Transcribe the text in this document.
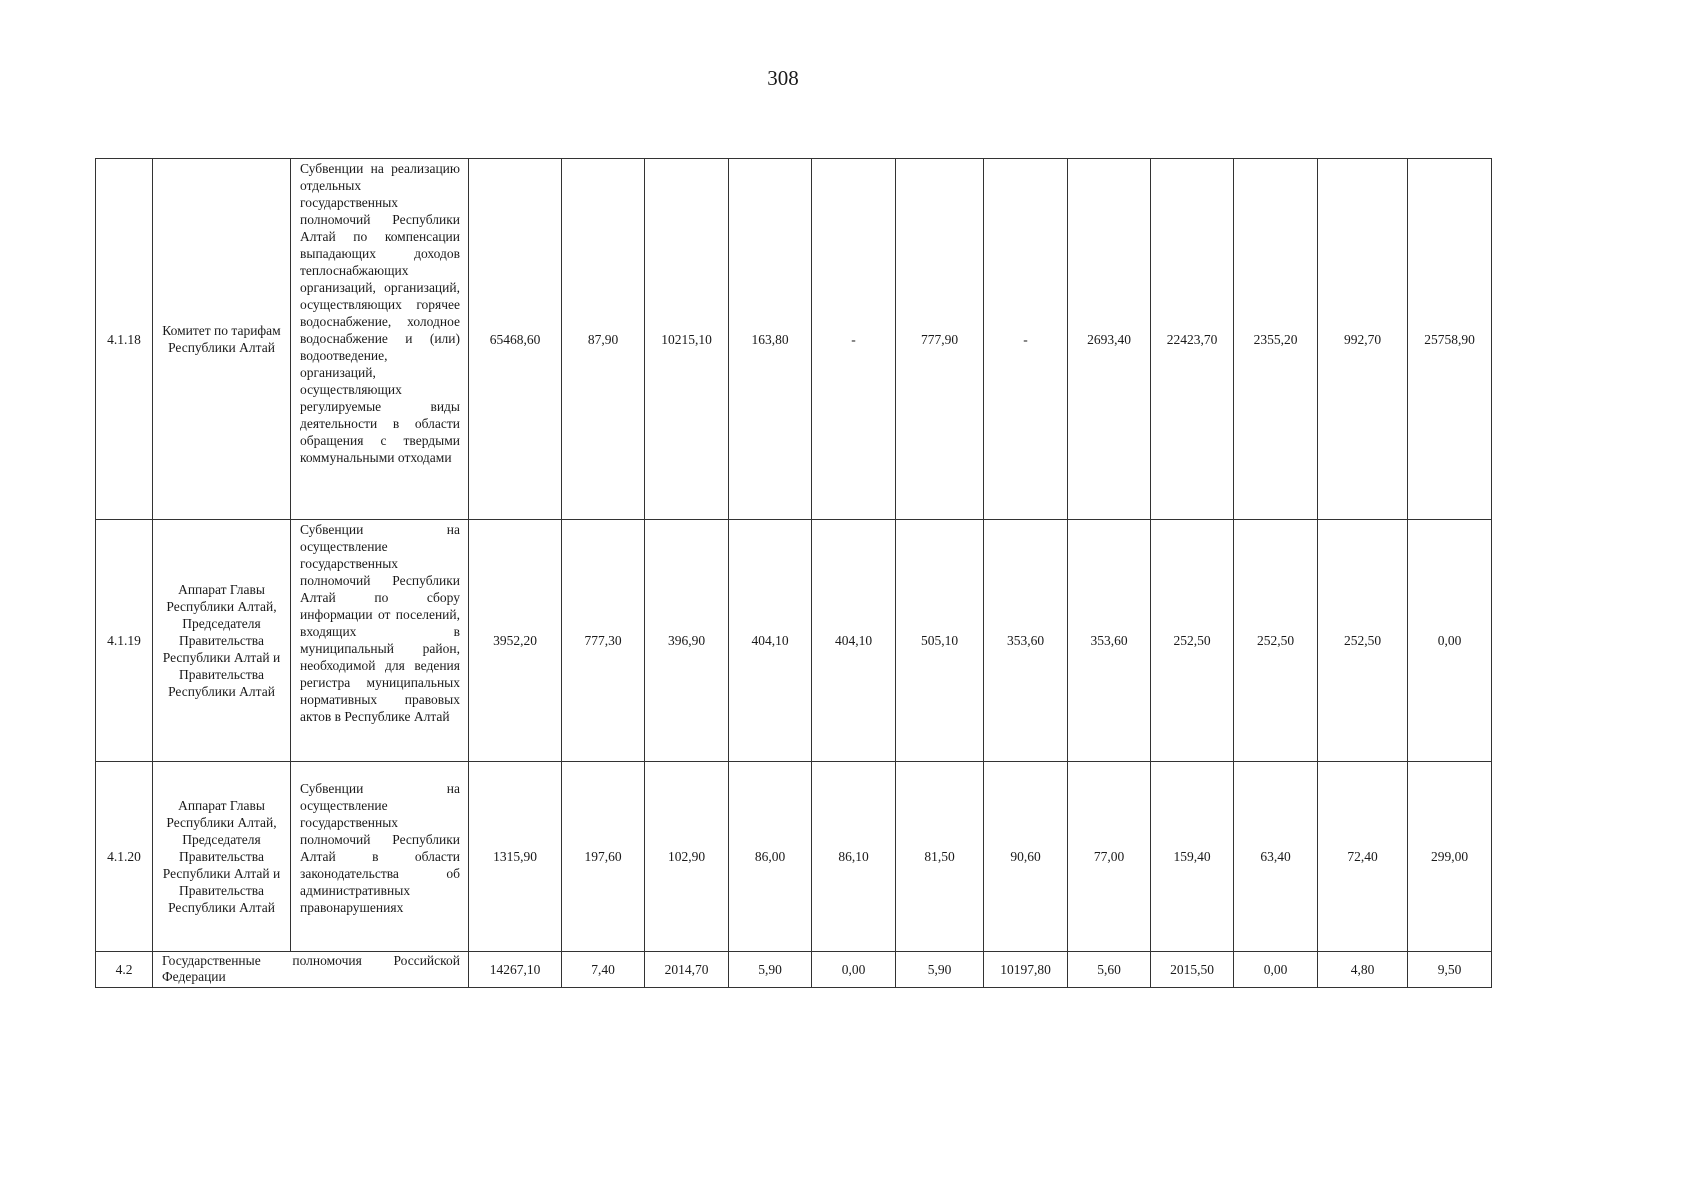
308
4.1.18	Комитет по тарифам Республики Алтай	Субвенции на реализацию отдельных государственных полномочий Республики Алтай по компенсации выпадающих доходов теплоснабжающих организаций, организаций, осуществляющих горячее водоснабжение, холодное водоснабжение и (или) водоотведение, организаций, осуществляющих регулируемые виды деятельности в области обращения с твердыми коммунальными отходами	65468,60	87,90	10215,10	163,80	-	777,90	-	2693,40	22423,70	2355,20	992,70	25758,90
4.1.19	Аппарат Главы Республики Алтай, Председателя Правительства Республики Алтай и Правительства Республики Алтай	Субвенции на осуществление государственных полномочий Республики Алтай по сбору информации от поселений, входящих в муниципальный район, необходимой для ведения регистра муниципальных нормативных правовых актов в Республике Алтай	3952,20	777,30	396,90	404,10	404,10	505,10	353,60	353,60	252,50	252,50	252,50	0,00
4.1.20	Аппарат Главы Республики Алтай, Председателя Правительства Республики Алтай и Правительства Республики Алтай	Субвенции на осуществление государственных полномочий Республики Алтай в области законодательства об административных правонарушениях	1315,90	197,60	102,90	86,00	86,10	81,50	90,60	77,00	159,40	63,40	72,40	299,00
4.2	Государственные полномочия Российской Федерации		14267,10	7,40	2014,70	5,90	0,00	5,90	10197,80	5,60	2015,50	0,00	4,80	9,50
